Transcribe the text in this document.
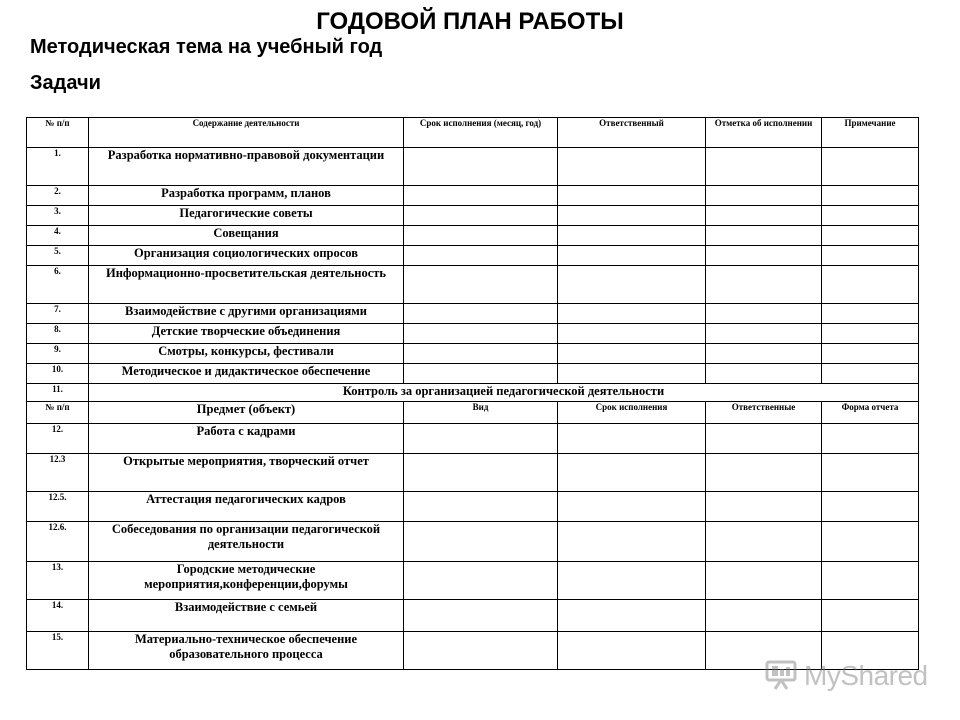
ГОДОВОЙ ПЛАН РАБОТЫ
Методическая тема на учебный год
Задачи
№ п/п	Содержание деятельности	Срок исполнения (месяц, год)	Ответственный	Отметка об исполнении	Примечание
1.	Разработка нормативно-правовой документации				
2.	Разработка программ, планов				
3.	Педагогические советы				
4.	Совещания				
5.	Организация социологических опросов				
6.	Информационно-просветительская деятельность				
7.	Взаимодействие с другими организациями				
8.	Детские творческие объединения				
9.	Смотры, конкурсы, фестивали				
10.	Методическое и дидактическое обеспечение				
11.	Контроль за организацией педагогической деятельности				
№ п/п	Предмет (объект)	Вид	Срок исполнения	Ответственные	Форма отчета
12.	Работа с кадрами				
12.3	Открытые мероприятия, творческий отчет				
12.5.	Аттестация педагогических кадров				
12.6.	Собеседования по организации педагогической деятельности				
13.	Городские методические мероприятия,конференции,форумы				
14.	Взаимодействие с семьей				
15.	Материально-техническое обеспечение образовательного процесса				
MyShared
